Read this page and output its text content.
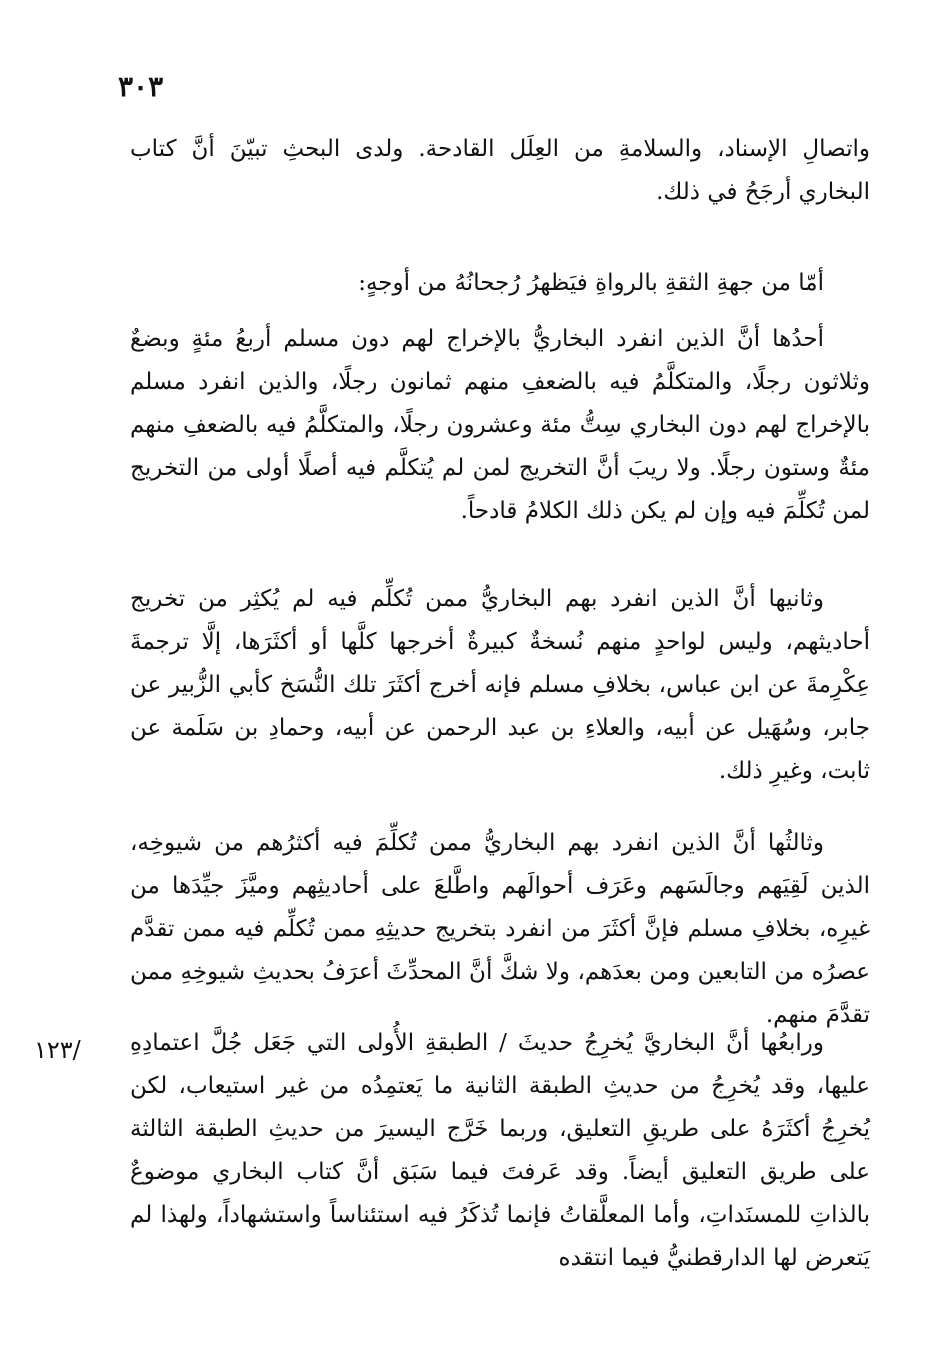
٣٠٣
١٢٣/

واتصالِ الإسناد، والسلامةِ من العِلَل القادحة. ولدى البحثِ تبيّنَ أنَّ كتاب البخاري أرجَحُ في ذلك.

أمّا من جهةِ الثقةِ بالرواةِ فيَظهرُ رُجحانُهُ من أوجهٍ:

أحدُها أنَّ الذين انفرد البخاريُّ بالإخراج لهم دون مسلم أربعُ مئةٍ وبضعٌ وثلاثون رجلًا، والمتكلَّمُ فيه بالضعفِ منهم ثمانون رجلًا، والذين انفرد مسلم بالإخراج لهم دون البخاري سِتُّ مئة وعشرون رجلًا، والمتكلَّمُ فيه بالضعفِ منهم مئةٌ وستون رجلًا. ولا ريبَ أنَّ التخريج لمن لم يُتكلَّم فيه أصلًا أولى من التخريج لمن تُكلِّمَ فيه وإن لم يكن ذلك الكلامُ قادحاً.

وثانيها أنَّ الذين انفرد بهم البخاريُّ ممن تُكلِّم فيه لم يُكثِر من تخريج أحاديثهم، وليس لواحدٍ منهم نُسخةٌ كبيرةٌ أخرجها كلَّها أو أكثَرَها، إلَّا ترجمةَ عِكْرِمةَ عن ابن عباس، بخلافِ مسلم فإنه أخرج أكثَرَ تلك النُّسَخ كأبي الزُّبير عن جابر، وسُهَيل عن أبيه، والعلاءِ بن عبد الرحمن عن أبيه، وحمادِ بن سَلَمة عن ثابت، وغيرِ ذلك.

وثالثُها أنَّ الذين انفرد بهم البخاريُّ ممن تُكلِّمَ فيه أكثرُهم من شيوخِه، الذين لَقِيَهم وجالَسَهم وعَرَف أحوالَهم واطَّلعَ على أحاديثِهم وميَّزَ جيِّدَها من غيرِه، بخلافِ مسلم فإنَّ أكثَرَ من انفرد بتخريج حديثِهِ ممن تُكلِّم فيه ممن تقدَّم عصرُه من التابعين ومن بعدَهم، ولا شكَّ أنَّ المحدِّثَ أعرَفُ بحديثِ شيوخِهِ ممن تقدَّمَ منهم.

ورابعُها أنَّ البخاريَّ يُخرِجُ حديثَ / الطبقةِ الأُولى التي جَعَل جُلَّ اعتمادِهِ عليها، وقد يُخرِجُ من حديثِ الطبقة الثانية ما يَعتمِدُه من غير استيعاب، لكن يُخرِجُ أكثَرَهُ على طريقِ التعليق، وربما خَرَّج اليسيرَ من حديثِ الطبقة الثالثة على طريق التعليق أيضاً. وقد عَرفتَ فيما سَبَق أنَّ كتاب البخاري موضوعٌ بالذاتِ للمسنَداتِ، وأما المعلَّقاتُ فإنما تُذكَرُ فيه استئناساً واستشهاداً، ولهذا لم يَتعرض لها الدارقطنيُّ فيما انتقده
